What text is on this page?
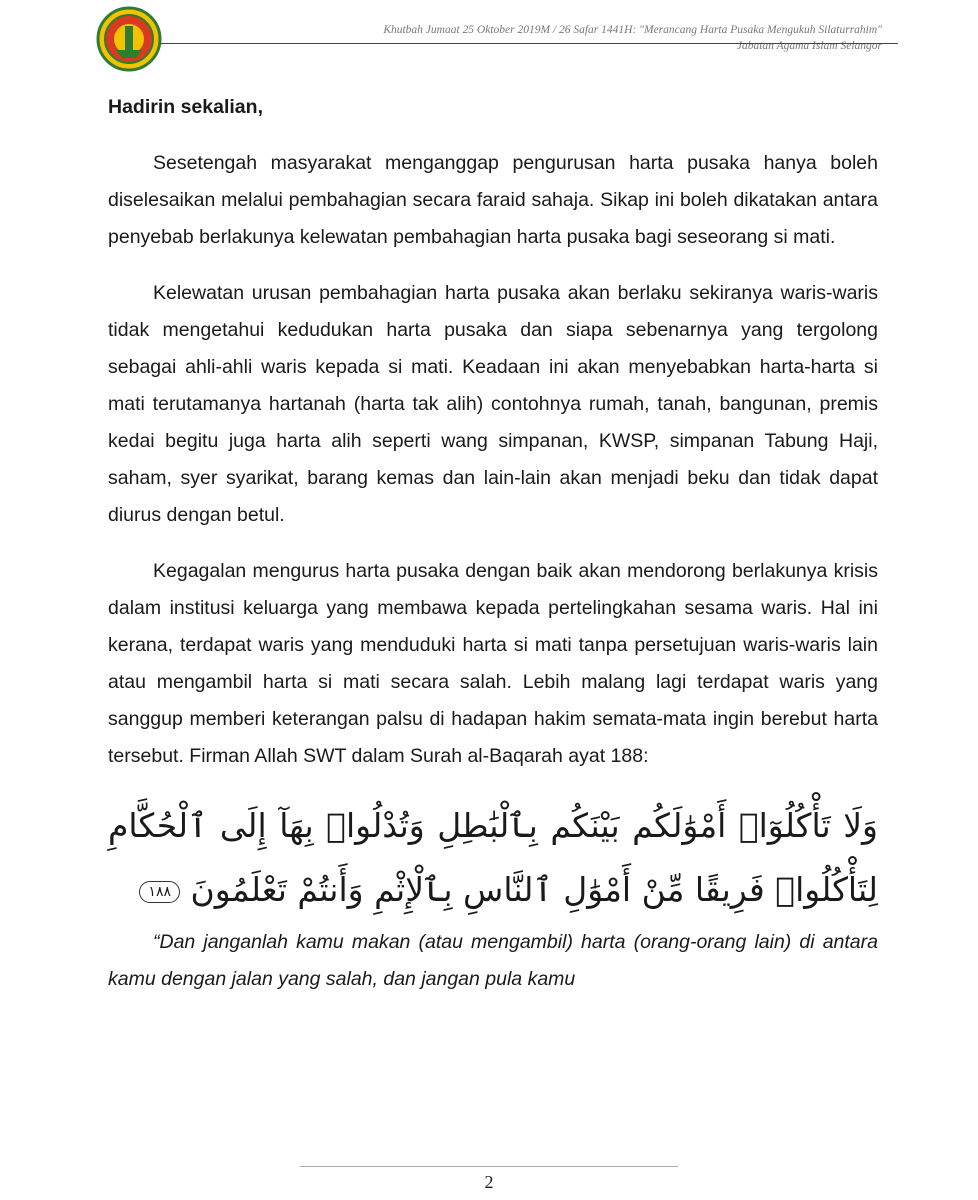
Khutbah Jumaat 25 Oktober 2019M / 26 Safar 1441H: "Merancang Harta Pusaka Mengukuh Silaturrahim"
Jabatan Agama Islam Selangor

Hadirin sekalian,

Sesetengah masyarakat menganggap pengurusan harta pusaka hanya boleh diselesaikan melalui pembahagian secara faraid sahaja. Sikap ini boleh dikatakan antara penyebab berlakunya kelewatan pembahagian harta pusaka bagi seseorang si mati.

Kelewatan urusan pembahagian harta pusaka akan berlaku sekiranya waris-waris tidak mengetahui kedudukan harta pusaka dan siapa sebenarnya yang tergolong sebagai ahli-ahli waris kepada si mati. Keadaan ini akan menyebabkan harta-harta si mati terutamanya hartanah (harta tak alih) contohnya rumah, tanah, bangunan, premis kedai begitu juga harta alih seperti wang simpanan, KWSP, simpanan Tabung Haji, saham, syer syarikat, barang kemas dan lain-lain akan menjadi beku dan tidak dapat diurus dengan betul.

Kegagalan mengurus harta pusaka dengan baik akan mendorong berlakunya krisis dalam institusi keluarga yang membawa kepada pertelingkahan sesama waris. Hal ini kerana, terdapat waris yang menduduki harta si mati tanpa persetujuan waris-waris lain atau mengambil harta si mati secara salah. Lebih malang lagi terdapat waris yang sanggup memberi keterangan palsu di hadapan hakim semata-mata ingin berebut harta tersebut. Firman Allah SWT dalam Surah al-Baqarah ayat 188:

وَلَا تَأْكُلُوٓا۟ أَمْوَٰلَكُم بَيْنَكُم بِٱلْبَٰطِلِ وَتُدْلُوا۟ بِهَآ إِلَى ٱلْحُكَّامِ لِتَأْكُلُوا۟ فَرِيقًا مِّنْ أَمْوَٰلِ ٱلنَّاسِ بِٱلْإِثْمِ وَأَنتُمْ تَعْلَمُونَ ١٨٨

“Dan janganlah kamu makan (atau mengambil) harta (orang-orang lain) di antara kamu dengan jalan yang salah, dan jangan pula kamu

2
